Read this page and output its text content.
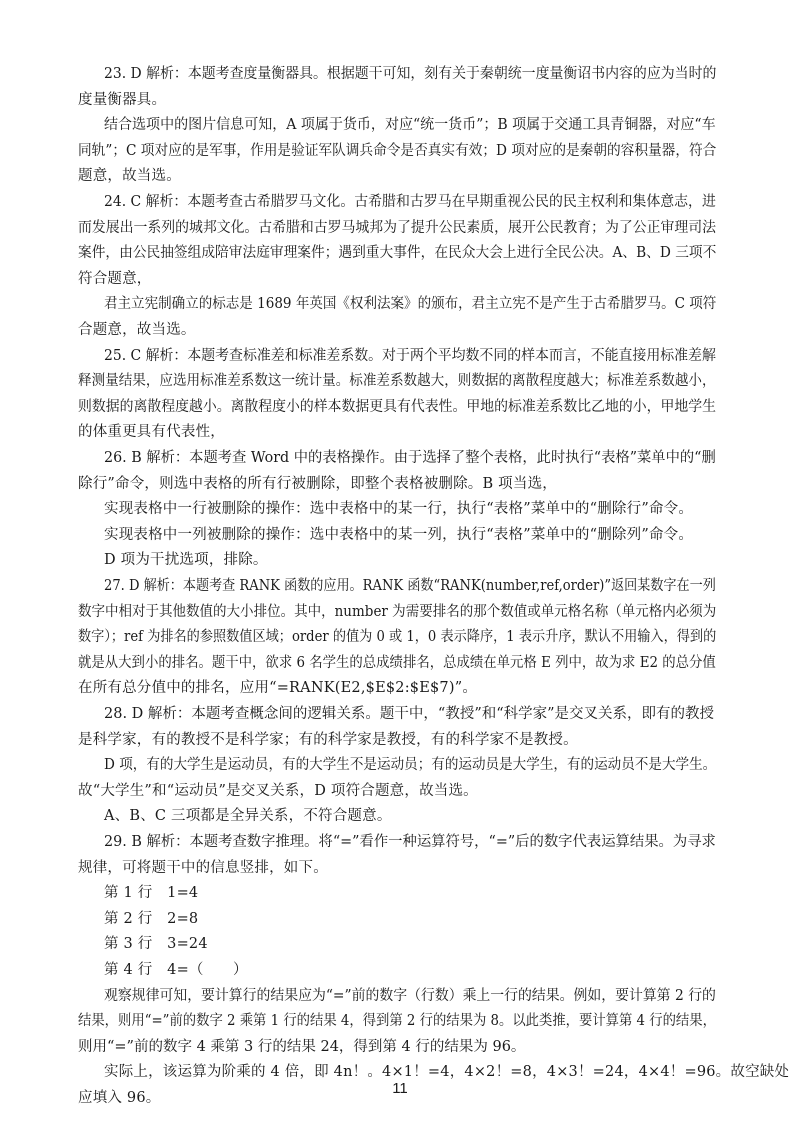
23. D 解析：本题考查度量衡器具。根据题干可知，刻有关于秦朝统一度量衡诏书内容的应为当时的
度量衡器具。
结合选项中的图片信息可知，A 项属于货币，对应“统一货币”；B 项属于交通工具青铜器，对应“车
同轨”；C 项对应的是军事，作用是验证军队调兵命令是否真实有效；D 项对应的是秦朝的容积量器，符合
题意，故当选。
24. C 解析：本题考查古希腊罗马文化。古希腊和古罗马在早期重视公民的民主权利和集体意志，进
而发展出一系列的城邦文化。古希腊和古罗马城邦为了提升公民素质，展开公民教育；为了公正审理司法
案件，由公民抽签组成陪审法庭审理案件；遇到重大事件，在民众大会上进行全民公决。A、B、D 三项不
符合题意，
君主立宪制确立的标志是 1689 年英国《权利法案》的颁布，君主立宪不是产生于古希腊罗马。C 项符
合题意，故当选。
25. C 解析：本题考查标准差和标准差系数。对于两个平均数不同的样本而言，不能直接用标准差解
释测量结果，应选用标准差系数这一统计量。标准差系数越大，则数据的离散程度越大；标准差系数越小，
则数据的离散程度越小。离散程度小的样本数据更具有代表性。甲地的标准差系数比乙地的小，甲地学生
的体重更具有代表性，
26. B 解析：本题考查 Word 中的表格操作。由于选择了整个表格，此时执行“表格”菜单中的“删
除行”命令，则选中表格的所有行被删除，即整个表格被删除。B 项当选，
实现表格中一行被删除的操作：选中表格中的某一行，执行“表格”菜单中的“删除行”命令。
实现表格中一列被删除的操作：选中表格中的某一列，执行“表格”菜单中的“删除列”命令。
D 项为干扰选项，排除。
27. D 解析：本题考查 RANK 函数的应用。RANK 函数“RANK(number,ref,order)”返回某数字在一列
数字中相对于其他数值的大小排位。其中，number 为需要排名的那个数值或单元格名称（单元格内必须为
数字）；ref 为排名的参照数值区域；order 的值为 0 或 1，0 表示降序，1 表示升序，默认不用输入，得到的
就是从大到小的排名。题干中，欲求 6 名学生的总成绩排名，总成绩在单元格 E 列中，故为求 E2 的总分值
在所有总分值中的排名，应用“=RANK(E2,$E$2:$E$7)”。
28. D 解析：本题考查概念间的逻辑关系。题干中，“教授”和“科学家”是交叉关系，即有的教授
是科学家，有的教授不是科学家；有的科学家是教授，有的科学家不是教授。
D 项，有的大学生是运动员，有的大学生不是运动员；有的运动员是大学生，有的运动员不是大学生。
故“大学生”和“运动员”是交叉关系，D 项符合题意，故当选。
A、B、C 三项都是全异关系，不符合题意。
29. B 解析：本题考查数字推理。将“=”看作一种运算符号，“=”后的数字代表运算结果。为寻求
规律，可将题干中的信息竖排，如下。
第 1 行　1=4
第 2 行　2=8
第 3 行　3=24
第 4 行　4=（　　）
观察规律可知，要计算行的结果应为“=”前的数字（行数）乘上一行的结果。例如，要计算第 2 行的
结果，则用“=”前的数字 2 乘第 1 行的结果 4，得到第 2 行的结果为 8。以此类推，要计算第 4 行的结果，
则用“=”前的数字 4 乘第 3 行的结果 24，得到第 4 行的结果为 96。
实际上，该运算为阶乘的 4 倍，即 4n！。4×1！=4，4×2！=8，4×3！=24，4×4！=96。故空缺处
应填入 96。
11
